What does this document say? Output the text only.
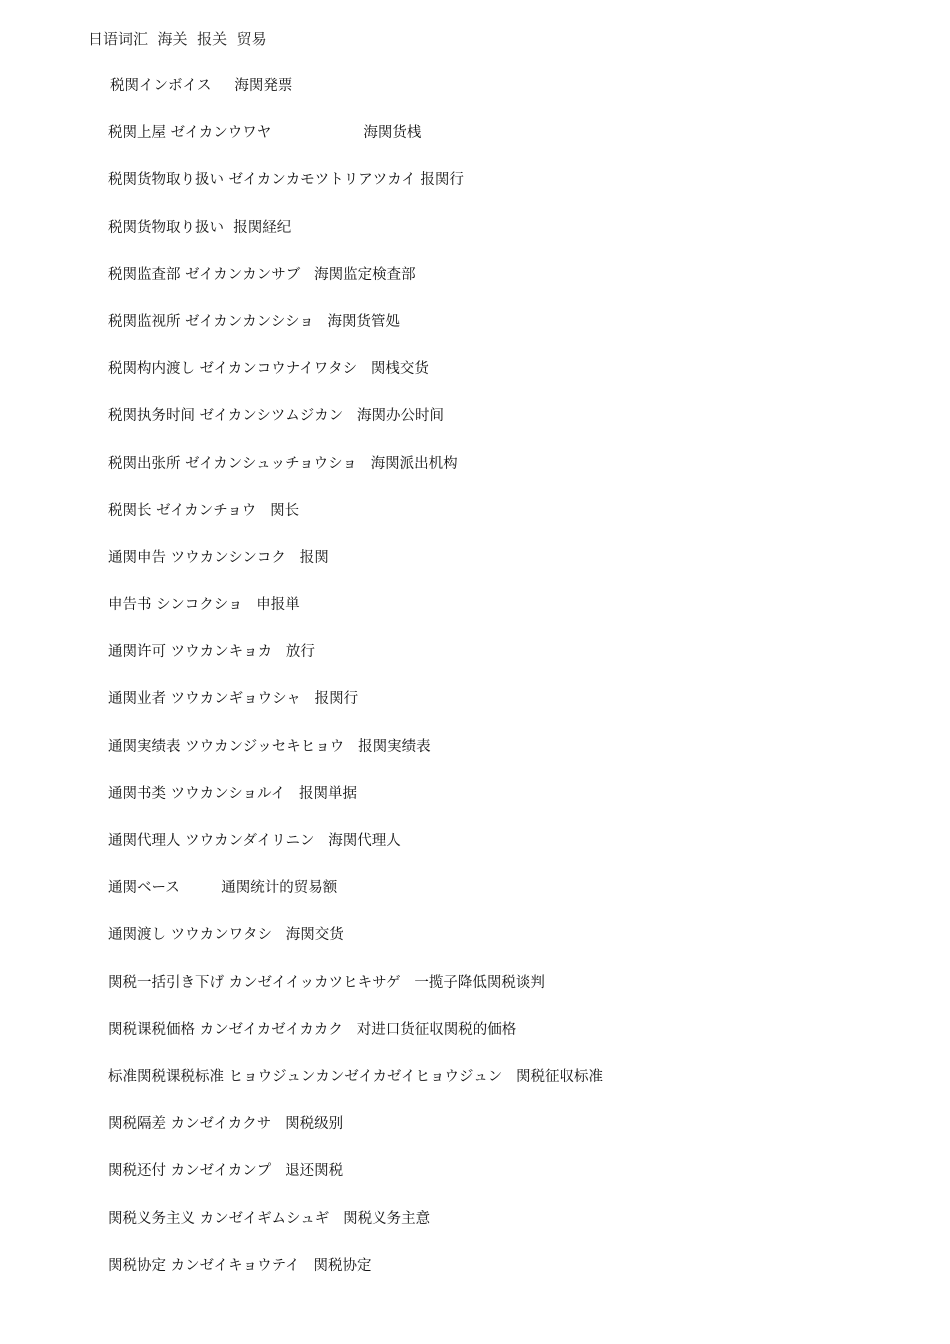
日语词汇  海关  报关  贸易
税関インボイス     海関発票
税関上屋 ゼイカンウワヤ                    海関货桟
税関货物取り扱い ゼイカンカモツトリアツカイ 报関行
税関货物取り扱い  报関経纪
税関监査部 ゼイカンカンサブ   海関监定検査部
税関监视所 ゼイカンカンシショ   海関货管処
税関构内渡し ゼイカンコウナイワタシ   関桟交货
税関执务时间 ゼイカンシツムジカン   海関办公时间
税関出张所 ゼイカンシュッチョウショ   海関派出机构
税関长 ゼイカンチョウ   関长
通関申告 ツウカンシンコク   报関
申告书 シンコクショ   申报単
通関许可 ツウカンキョカ   放行
通関业者 ツウカンギョウシャ   报関行
通関実绩表 ツウカンジッセキヒョウ   报関実绩表
通関书类 ツウカンショルイ   报関単据
通関代理人 ツウカンダイリニン   海関代理人
通関ベース         通関统计的贸易额
通関渡し ツウカンワタシ   海関交货
関税一括引き下げ カンゼイイッカツヒキサゲ   一揽子降低関税谈判
関税课税価格 カンゼイカゼイカカク   对进口货征収関税的価格
标准関税课税标准 ヒョウジュンカンゼイカゼイヒョウジュン   関税征収标准
関税隔差 カンゼイカクサ   関税级别
関税还付 カンゼイカンプ   退还関税
関税义务主义 カンゼイギムシュギ   関税义务主意
関税协定 カンゼイキョウテイ   関税协定
